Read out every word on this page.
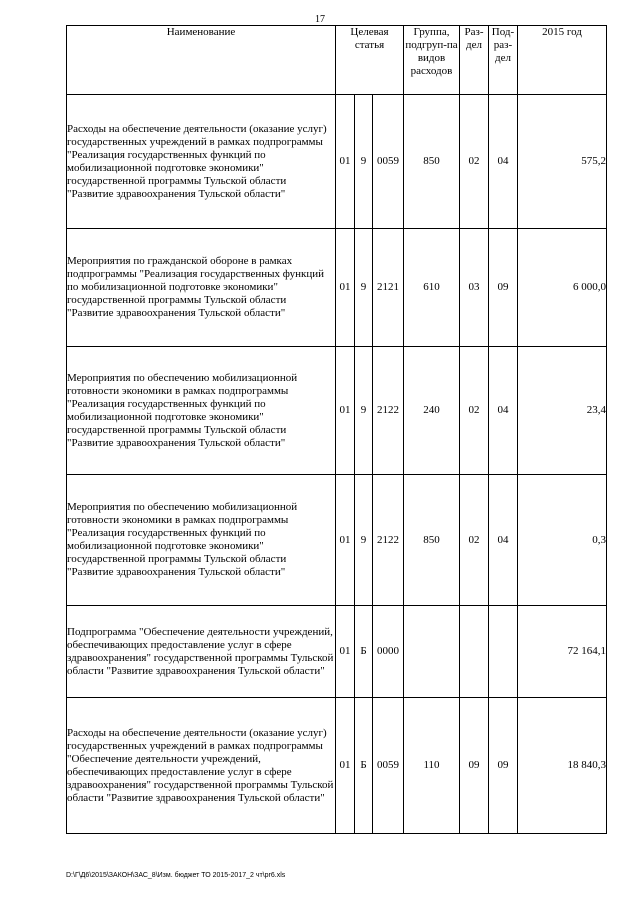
17
Наименование	Целевая статья			Группа, подгруп-па видов расходов	Раз-дел	Под-раз-дел	2015 год
Расходы на обеспечение деятельности (оказание услуг) государственных учреждений в рамках подпрограммы "Реализация государственных функций по мобилизационной подготовке экономики" государственной программы Тульской области "Развитие здравоохранения Тульской области"	01	9	0059	850	02	04	575,2
Мероприятия по гражданской обороне в рамках подпрограммы "Реализация государственных функций по мобилизационной подготовке экономики" государственной программы Тульской области "Развитие здравоохранения Тульской области"	01	9	2121	610	03	09	6 000,0
Мероприятия по обеспечению мобилизационной готовности экономики в рамках подпрограммы "Реализация государственных функций по мобилизационной подготовке экономики" государственной программы Тульской области "Развитие здравоохранения Тульской области"	01	9	2122	240	02	04	23,4
Мероприятия по обеспечению мобилизационной готовности экономики в рамках подпрограммы "Реализация государственных функций по мобилизационной подготовке экономики" государственной программы Тульской области "Развитие здравоохранения Тульской области"	01	9	2122	850	02	04	0,3
Подпрограмма "Обеспечение деятельности учреждений, обеспечивающих предоставление услуг в сфере здравоохранения" государственной программы Тульской области "Развитие здравоохранения Тульской области"	01	Б	0000				72 164,1
Расходы на обеспечение деятельности (оказание услуг) государственных учреждений в рамках подпрограммы "Обеспечение деятельности учреждений, обеспечивающих предоставление услуг в сфере здравоохранения" государственной программы Тульской области "Развитие здравоохранения Тульской области"	01	Б	0059	110	09	09	18 840,3
D:\Г\Д6\2015\ЗАКОН\ЗАС_8\Изм. бюджет ТО 2015-2017_2 чт\pr6.xls
